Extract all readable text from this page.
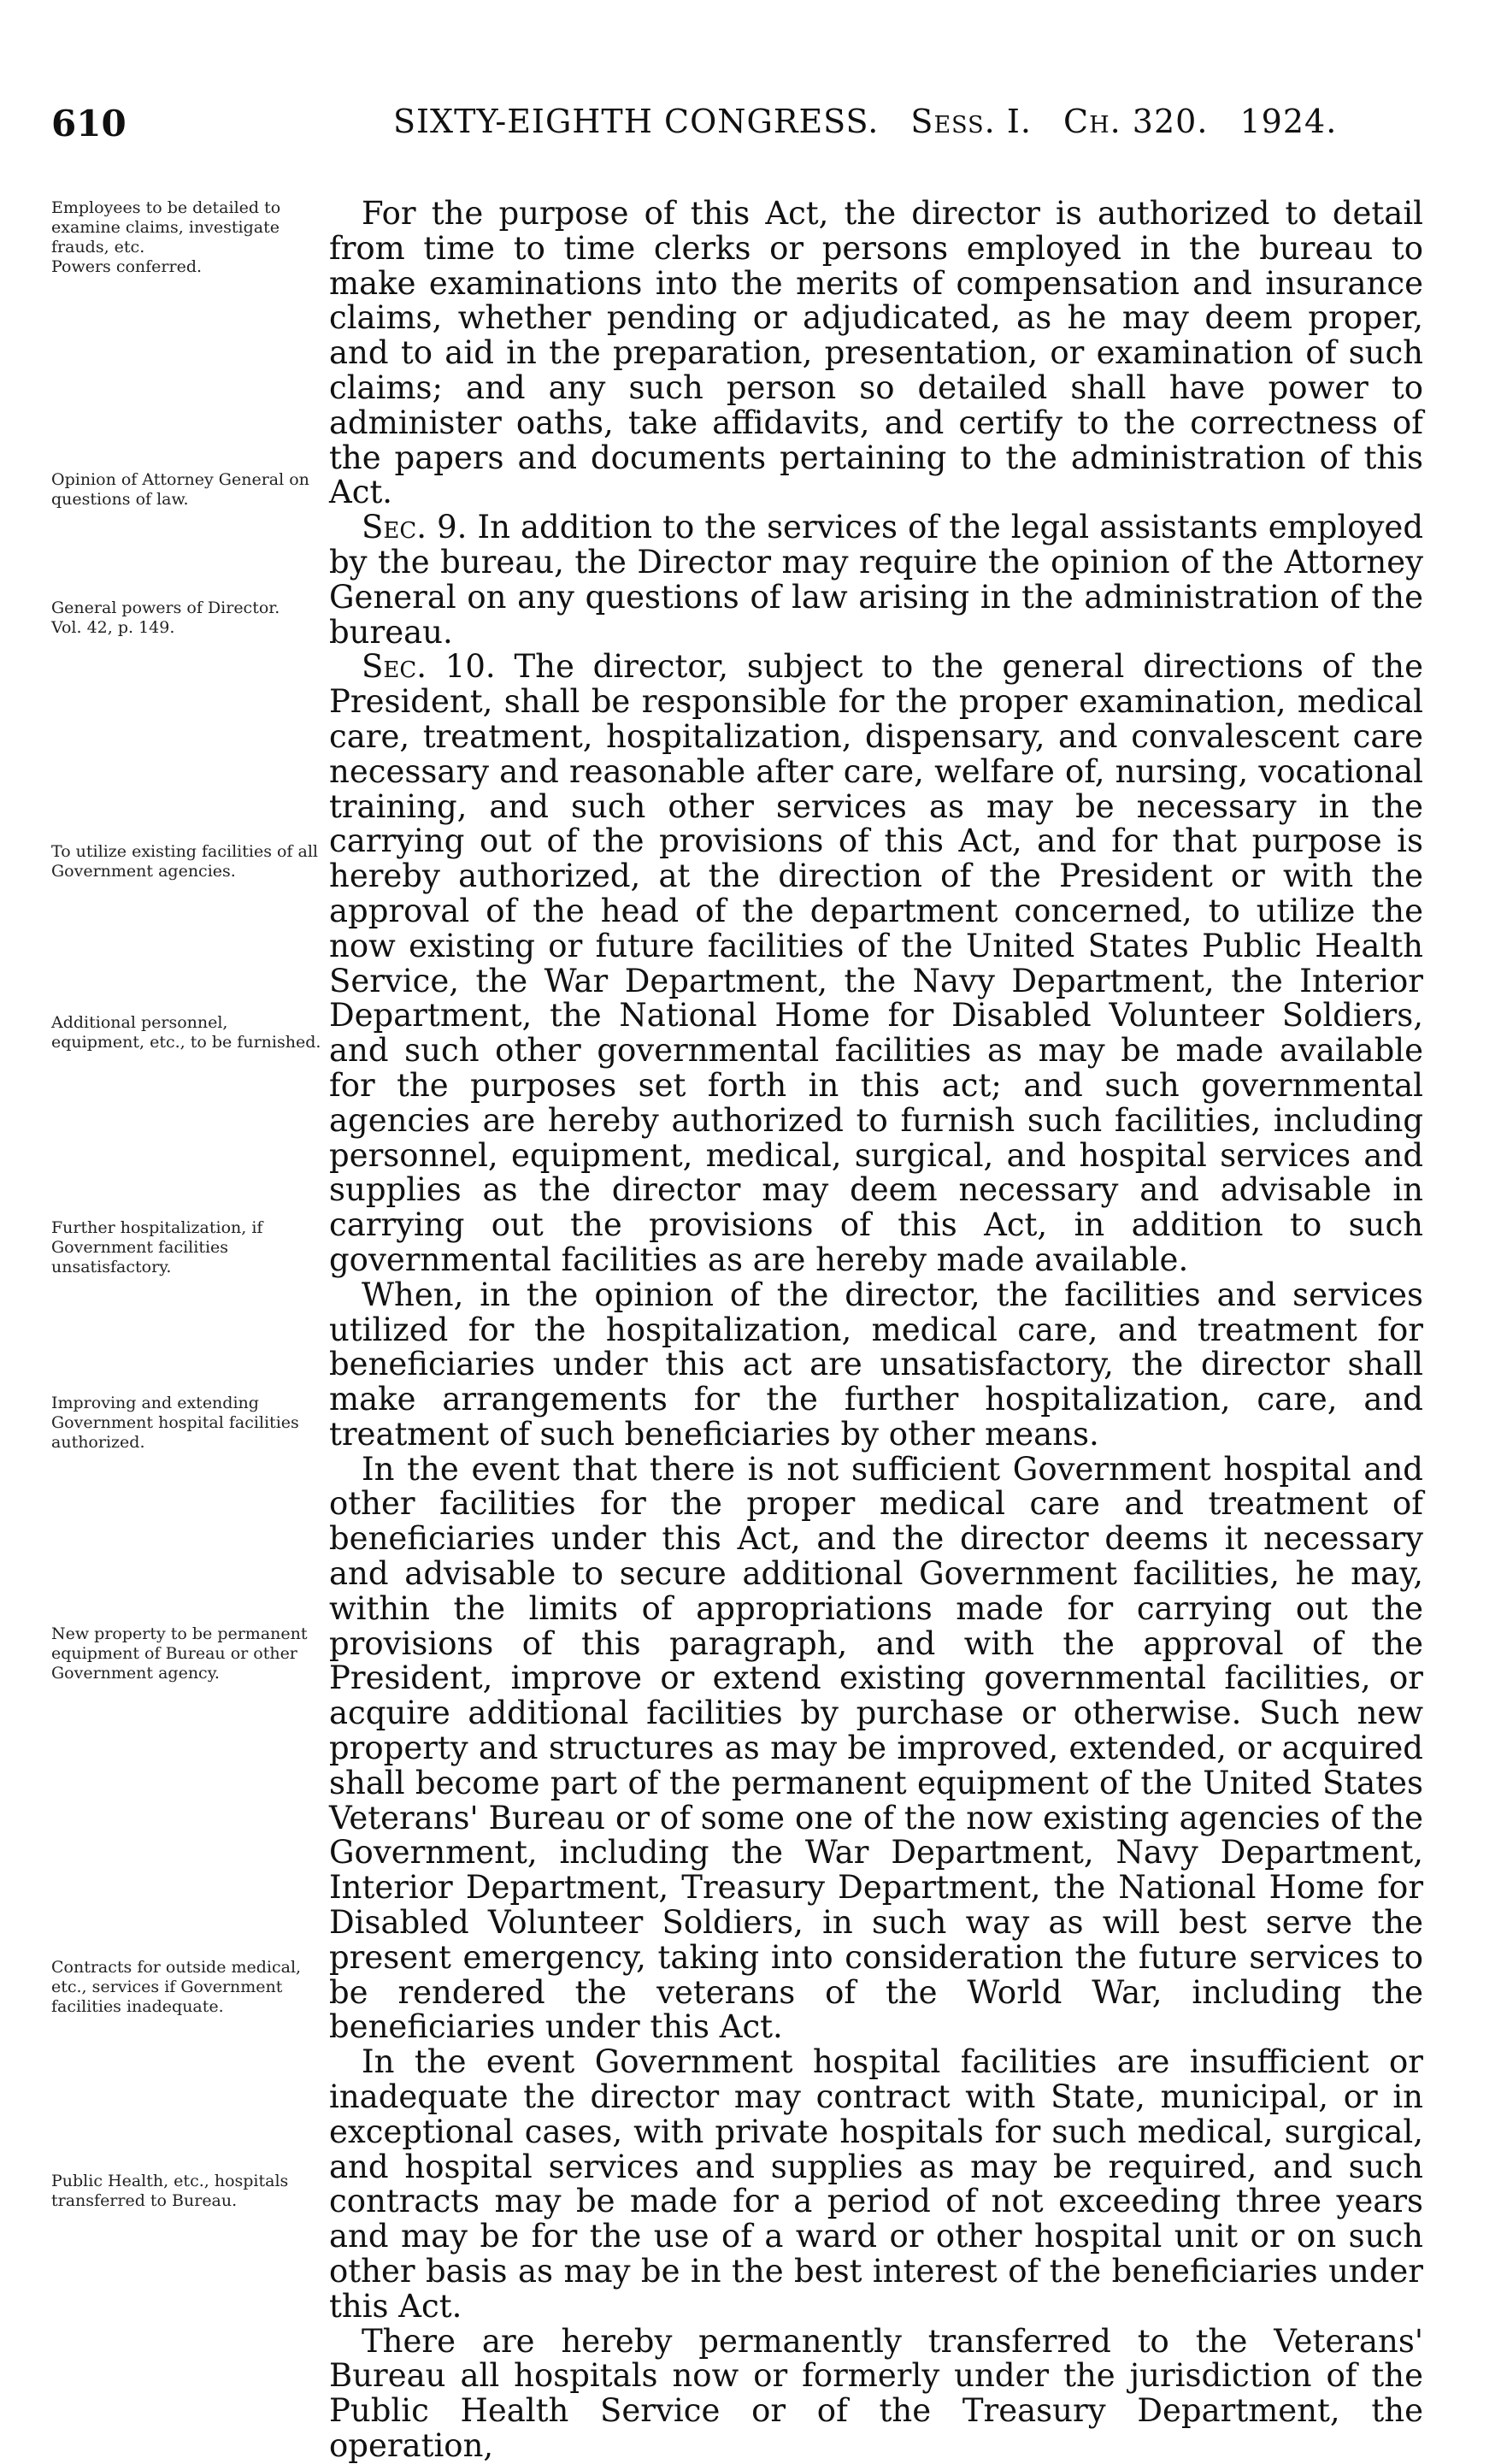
610	SIXTY-EIGHTH CONGRESS. Sess. I. Ch. 320. 1924.
Employees to be detailed to examine claims, investigate frauds, etc.
Powers conferred.
Opinion of Attorney General on questions of law.
General powers of Director.
Vol. 42, p. 149.
To utilize existing facilities of all Government agencies.
Additional personnel, equipment, etc., to be furnished.
Further hospitalization, if Government facilities unsatisfactory.
Improving and extending Government hospital facilities authorized.
New property to be permanent equipment of Bureau or other Government agency.
Contracts for outside medical, etc., services if Government facilities inadequate.
Public Health, etc., hospitals transferred to Bureau.

For the purpose of this Act, the director is authorized to detail from time to time clerks or persons employed in the bureau to make examinations into the merits of compensation and insurance claims, whether pending or adjudicated, as he may deem proper, and to aid in the preparation, presentation, or examination of such claims; and any such person so detailed shall have power to administer oaths, take affidavits, and certify to the correctness of the papers and documents pertaining to the administration of this Act.

Sec. 9. In addition to the services of the legal assistants employed by the bureau, the Director may require the opinion of the Attorney General on any questions of law arising in the administration of the bureau.

Sec. 10. The director, subject to the general directions of the President, shall be responsible for the proper examination, medical care, treatment, hospitalization, dispensary, and convalescent care necessary and reasonable after care, welfare of, nursing, vocational training, and such other services as may be necessary in the carrying out of the provisions of this Act, and for that purpose is hereby authorized, at the direction of the President or with the approval of the head of the department concerned, to utilize the now existing or future facilities of the United States Public Health Service, the War Department, the Navy Department, the Interior Department, the National Home for Disabled Volunteer Soldiers, and such other governmental facilities as may be made available for the purposes set forth in this act; and such governmental agencies are hereby authorized to furnish such facilities, including personnel, equipment, medical, surgical, and hospital services and supplies as the director may deem necessary and advisable in carrying out the provisions of this Act, in addition to such governmental facilities as are hereby made available.

When, in the opinion of the director, the facilities and services utilized for the hospitalization, medical care, and treatment for beneficiaries under this act are unsatisfactory, the director shall make arrangements for the further hospitalization, care, and treatment of such beneficiaries by other means.

In the event that there is not sufficient Government hospital and other facilities for the proper medical care and treatment of beneficiaries under this Act, and the director deems it necessary and advisable to secure additional Government facilities, he may, within the limits of appropriations made for carrying out the provisions of this paragraph, and with the approval of the President, improve or extend existing governmental facilities, or acquire additional facilities by purchase or otherwise. Such new property and structures as may be improved, extended, or acquired shall become part of the permanent equipment of the United States Veterans' Bureau or of some one of the now existing agencies of the Government, including the War Department, Navy Department, Interior Department, Treasury Department, the National Home for Disabled Volunteer Soldiers, in such way as will best serve the present emergency, taking into consideration the future services to be rendered the veterans of the World War, including the beneficiaries under this Act.

In the event Government hospital facilities are insufficient or inadequate the director may contract with State, municipal, or in exceptional cases, with private hospitals for such medical, surgical, and hospital services and supplies as may be required, and such contracts may be made for a period of not exceeding three years and may be for the use of a ward or other hospital unit or on such other basis as may be in the best interest of the beneficiaries under this Act.

There are hereby permanently transferred to the Veterans' Bureau all hospitals now or formerly under the jurisdiction of the Public Health Service or of the Treasury Department, the operation,
